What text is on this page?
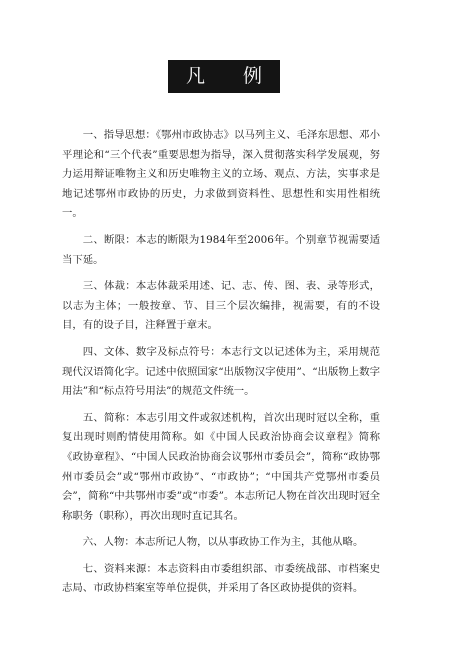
凡 例

一、指导思想：《鄂州市政协志》以马列主义、毛泽东思想、邓小平理论和“三个代表”重要思想为指导，深入贯彻落实科学发展观，努力运用辩证唯物主义和历史唯物主义的立场、观点、方法，实事求是地记述鄂州市政协的历史，力求做到资料性、思想性和实用性相统一。

二、断限：本志的断限为1984年至2006年。个别章节视需要适当下延。

三、体裁：本志体裁采用述、记、志、传、图、表、录等形式，以志为主体；一般按章、节、目三个层次编排，视需要，有的不设目，有的设子目，注释置于章末。

四、文体、数字及标点符号：本志行文以记述体为主，采用规范现代汉语简化字。记述中依照国家“出版物汉字使用”、“出版物上数字用法”和“标点符号用法”的规范文件统一。

五、简称：本志引用文件或叙述机构，首次出现时冠以全称，重复出现时则酌情使用简称。如《中国人民政治协商会议章程》简称《政协章程》、“中国人民政治协商会议鄂州市委员会”，简称“政协鄂州市委员会”或“鄂州市政协”、“市政协”；“中国共产党鄂州市委员会”，简称“中共鄂州市委”或“市委”。本志所记人物在首次出现时冠全称职务（职称），再次出现时直记其名。

六、人物：本志所记人物，以从事政协工作为主，其他从略。

七、资料来源：本志资料由市委组织部、市委统战部、市档案史志局、市政协档案室等单位提供，并采用了各区政协提供的资料。
